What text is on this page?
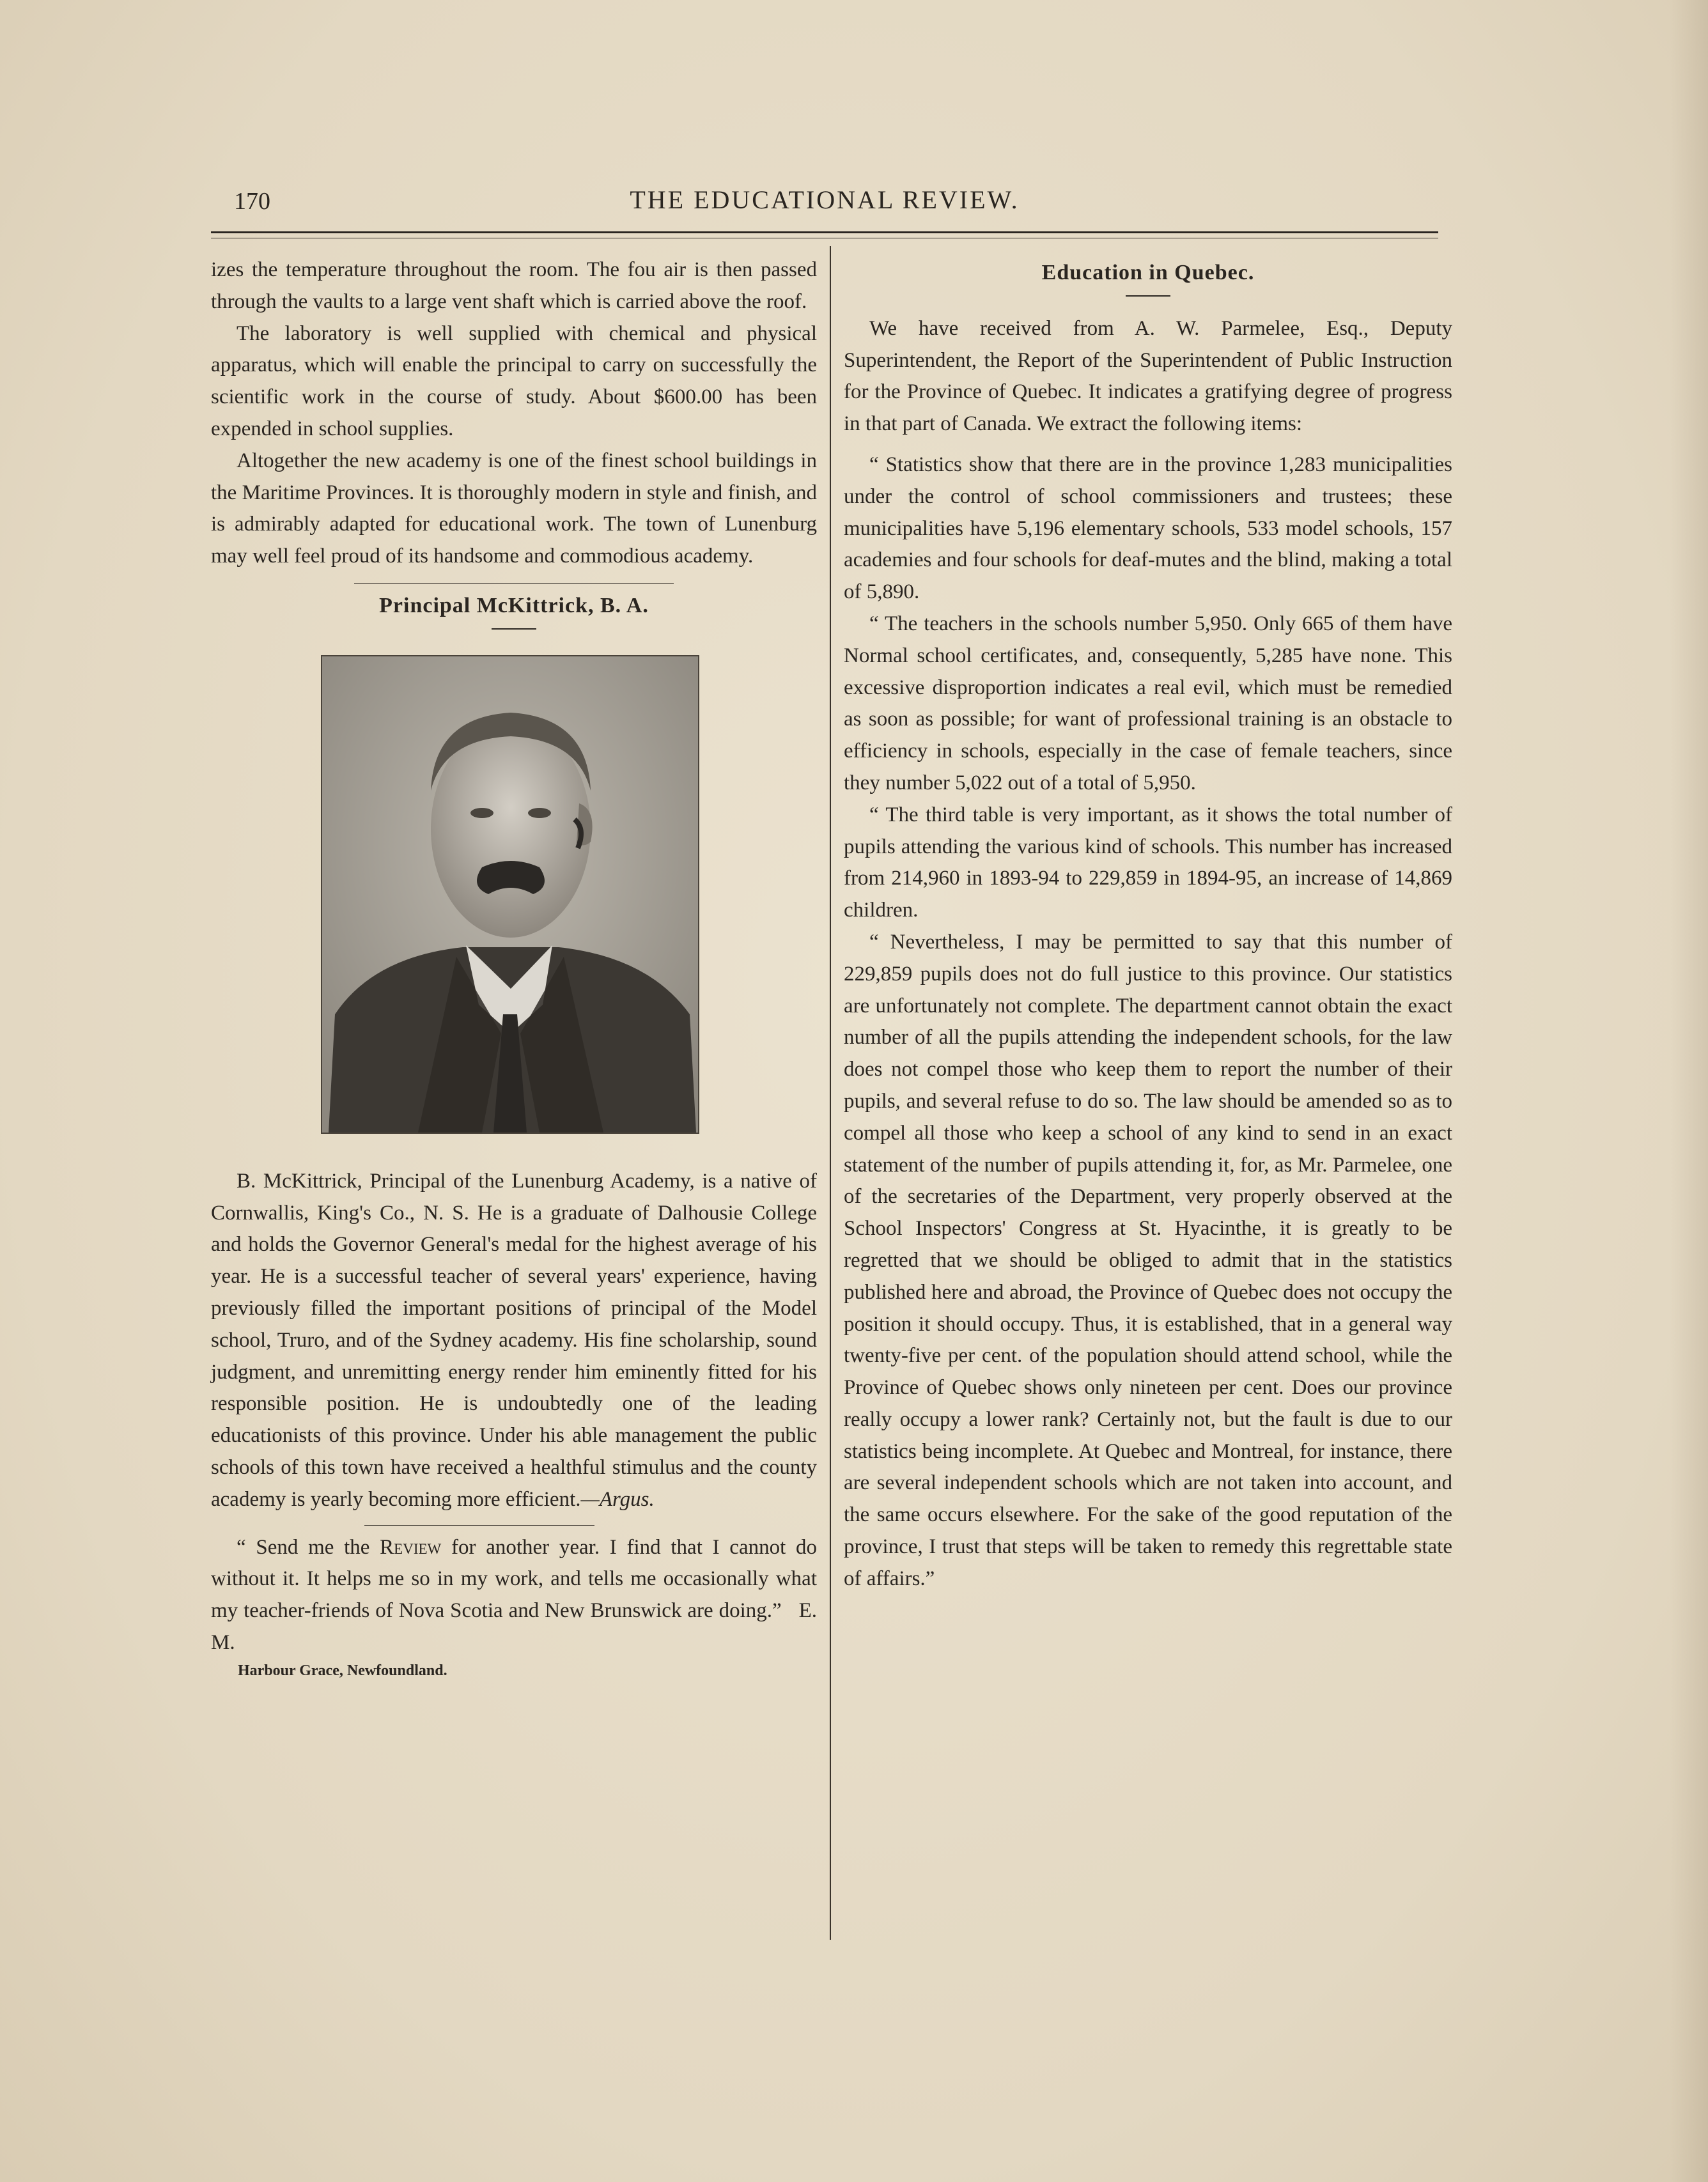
170	THE EDUCATIONAL REVIEW.

izes the temperature throughout the room. The fou air is then passed through the vaults to a large vent shaft which is carried above the roof.

The laboratory is well supplied with chemical and physical apparatus, which will enable the principal to carry on successfully the scientific work in the course of study. About $600.00 has been expended in school supplies.

Altogether the new academy is one of the finest school buildings in the Maritime Provinces. It is thoroughly modern in style and finish, and is admirably adapted for educational work. The town of Lunenburg may well feel proud of its handsome and commodious academy.

Principal McKittrick, B. A.

B. McKittrick, Principal of the Lunenburg Academy, is a native of Cornwallis, King's Co., N. S. He is a graduate of Dalhousie College and holds the Governor General's medal for the highest average of his year. He is a successful teacher of several years' experience, having previously filled the important positions of principal of the Model school, Truro, and of the Sydney academy. His fine scholarship, sound judgment, and unremitting energy render him eminently fitted for his responsible position. He is undoubtedly one of the leading educationists of this province. Under his able management the public schools of this town have received a healthful stimulus and the county academy is yearly becoming more efficient.—Argus.

“ Send me the Review for another year. I find that I cannot do without it. It helps me so in my work, and tells me occasionally what my teacher-friends of Nova Scotia and New Brunswick are doing.” E. M.

Harbour Grace, Newfoundland.
Education in Quebec.

We have received from A. W. Parmelee, Esq., Deputy Superintendent, the Report of the Superintendent of Public Instruction for the Province of Quebec. It indicates a gratifying degree of progress in that part of Canada. We extract the following items:

“ Statistics show that there are in the province 1,283 municipalities under the control of school commissioners and trustees; these municipalities have 5,196 elementary schools, 533 model schools, 157 academies and four schools for deaf-mutes and the blind, making a total of 5,890.

“ The teachers in the schools number 5,950. Only 665 of them have Normal school certificates, and, consequently, 5,285 have none. This excessive disproportion indicates a real evil, which must be remedied as soon as possible; for want of professional training is an obstacle to efficiency in schools, especially in the case of female teachers, since they number 5,022 out of a total of 5,950.

“ The third table is very important, as it shows the total number of pupils attending the various kind of schools. This number has increased from 214,960 in 1893-94 to 229,859 in 1894-95, an increase of 14,869 children.

“ Nevertheless, I may be permitted to say that this number of 229,859 pupils does not do full justice to this province. Our statistics are unfortunately not complete. The department cannot obtain the exact number of all the pupils attending the independent schools, for the law does not compel those who keep them to report the number of their pupils, and several refuse to do so. The law should be amended so as to compel all those who keep a school of any kind to send in an exact statement of the number of pupils attending it, for, as Mr. Parmelee, one of the secretaries of the Department, very properly observed at the School Inspectors' Congress at St. Hyacinthe, it is greatly to be regretted that we should be obliged to admit that in the statistics published here and abroad, the Province of Quebec does not occupy the position it should occupy. Thus, it is established, that in a general way twenty-five per cent. of the population should attend school, while the Province of Quebec shows only nineteen per cent. Does our province really occupy a lower rank? Certainly not, but the fault is due to our statistics being incomplete. At Quebec and Montreal, for instance, there are several independent schools which are not taken into account, and the same occurs elsewhere. For the sake of the good reputation of the province, I trust that steps will be taken to remedy this regrettable state of affairs.”
